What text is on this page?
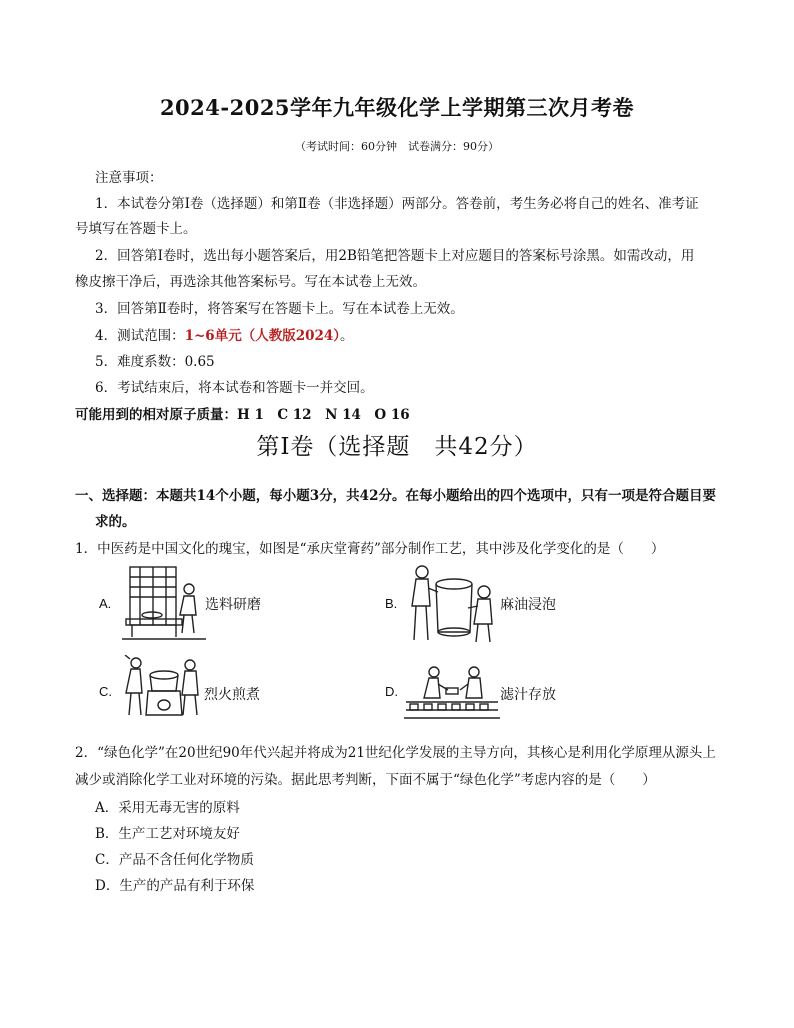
2024-2025学年九年级化学上学期第三次月考卷
（考试时间：60分钟　试卷满分：90分）
注意事项：
1．本试卷分第Ⅰ卷（选择题）和第Ⅱ卷（非选择题）两部分。答卷前，考生务必将自己的姓名、准考证
号填写在答题卡上。
2．回答第Ⅰ卷时，选出每小题答案后，用2B铅笔把答题卡上对应题目的答案标号涂黑。如需改动，用
橡皮擦干净后，再选涂其他答案标号。写在本试卷上无效。
3．回答第Ⅱ卷时，将答案写在答题卡上。写在本试卷上无效。
4．测试范围：1~6单元（人教版2024）。
5．难度系数：0.65
6．考试结束后，将本试卷和答题卡一并交回。
可能用到的相对原子质量：H 1　C 12　N 14　O 16
第Ⅰ卷（选择题　共42分）
一、选择题：本题共14个小题，每小题3分，共42分。在每小题给出的四个选项中，只有一项是符合题目要
求的。
1．中医药是中国文化的瑰宝，如图是“承庆堂膏药”部分制作工艺，其中涉及化学变化的是（　　）
A.	选料研磨	B.	麻油浸泡
C.	烈火煎煮	D.	滤汁存放
2．“绿色化学”在20世纪90年代兴起并将成为21世纪化学发展的主导方向，其核心是利用化学原理从源头上
减少或消除化学工业对环境的污染。据此思考判断，下面不属于“绿色化学”考虑内容的是（　　）
A．采用无毒无害的原料
B．生产工艺对环境友好
C．产品不含任何化学物质
D．生产的产品有利于环保
